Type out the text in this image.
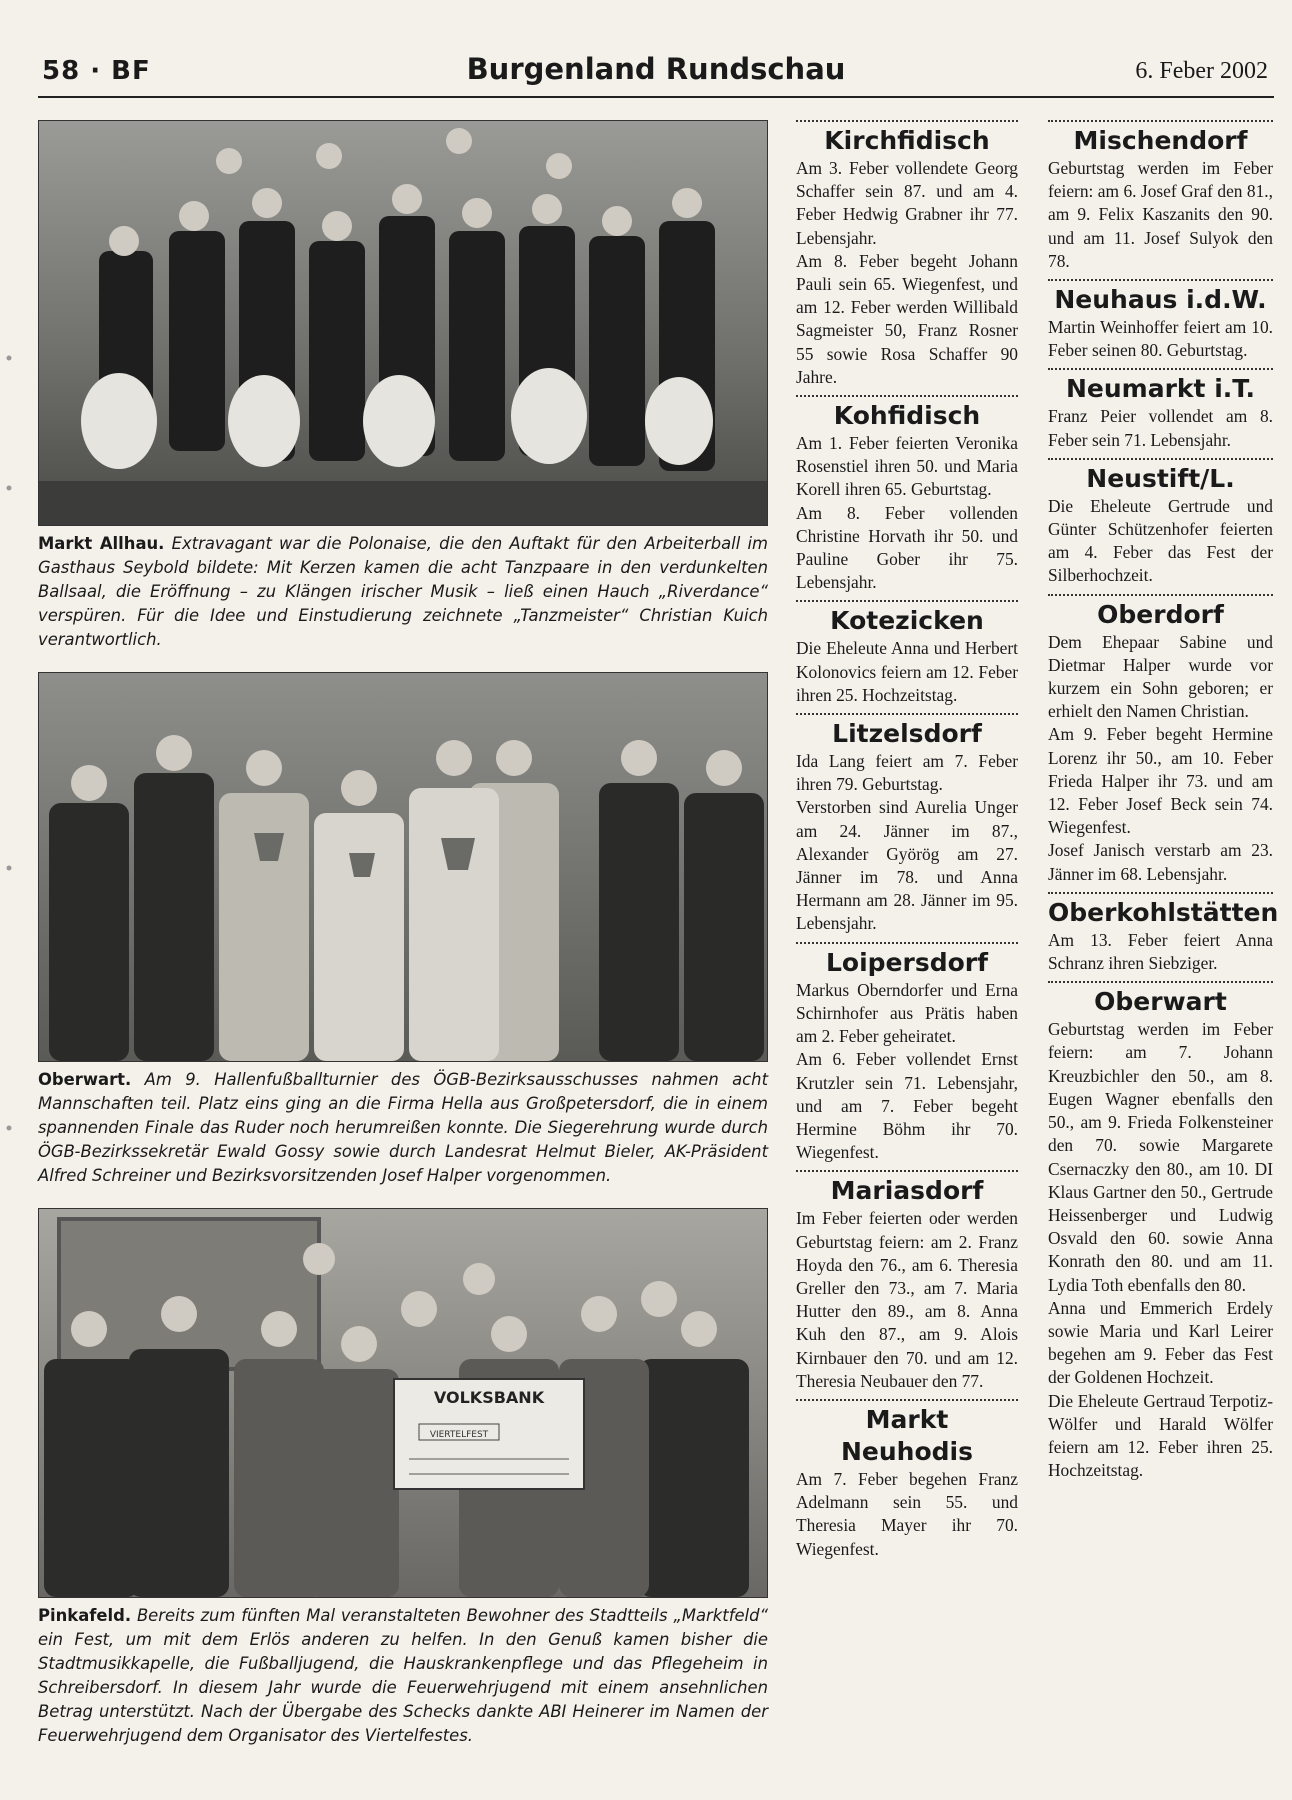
58 · BF	Burgenland Rundschau	6. Feber 2002
Markt Allhau. Extravagant war die Polonaise, die den Auftakt für den Arbeiterball im Gasthaus Seybold bildete: Mit Kerzen kamen die acht Tanzpaare in den verdunkelten Ballsaal, die Eröffnung – zu Klängen irischer Musik – ließ einen Hauch „Riverdance“ verspüren. Für die Idee und Einstudierung zeichnete „Tanzmeister“ Christian Kuich verantwortlich.
Oberwart. Am 9. Hallenfußballturnier des ÖGB-Bezirksausschusses nahmen acht Mannschaften teil. Platz eins ging an die Firma Hella aus Großpetersdorf, die in einem spannenden Finale das Ruder noch herumreißen konnte. Die Siegerehrung wurde durch ÖGB-Bezirkssekretär Ewald Gossy sowie durch Landesrat Helmut Bieler, AK-Präsident Alfred Schreiner und Bezirksvorsitzenden Josef Halper vorgenommen.
VOLKSBANK
VIERTELFEST
Pinkafeld. Bereits zum fünften Mal veranstalteten Bewohner des Stadtteils „Marktfeld“ ein Fest, um mit dem Erlös anderen zu helfen. In den Genuß kamen bisher die Stadtmusikkapelle, die Fußballjugend, die Hauskrankenpflege und das Pflegeheim in Schreibersdorf. In diesem Jahr wurde die Feuerwehrjugend mit einem ansehnlichen Betrag unterstützt. Nach der Übergabe des Schecks dankte ABI Heinerer im Namen der Feuerwehrjugend dem Organisator des Viertelfestes.
Kirchfidisch

Am 3. Feber vollendete Georg Schaffer sein 87. und am 4. Feber Hedwig Grabner ihr 77. Lebensjahr.

Am 8. Feber begeht Johann Pauli sein 65. Wiegenfest, und am 12. Feber werden Willibald Sagmeister 50, Franz Rosner 55 sowie Rosa Schaffer 90 Jahre.

Kohfidisch

Am 1. Feber feierten Veronika Rosenstiel ihren 50. und Maria Korell ihren 65. Geburtstag.

Am 8. Feber vollenden Christine Horvath ihr 50. und Pauline Gober ihr 75. Lebensjahr.

Kotezicken

Die Eheleute Anna und Herbert Kolonovics feiern am 12. Feber ihren 25. Hochzeitstag.

Litzelsdorf

Ida Lang feiert am 7. Feber ihren 79. Geburtstag.

Verstorben sind Aurelia Unger am 24. Jänner im 87., Alexander Györög am 27. Jänner im 78. und Anna Hermann am 28. Jänner im 95. Lebensjahr.

Loipersdorf

Markus Oberndorfer und Erna Schirnhofer aus Prätis haben am 2. Feber geheiratet.

Am 6. Feber vollendet Ernst Krutzler sein 71. Lebensjahr, und am 7. Feber begeht Hermine Böhm ihr 70. Wiegenfest.

Mariasdorf

Im Feber feierten oder werden Geburtstag feiern: am 2. Franz Hoyda den 76., am 6. Theresia Greller den 73., am 7. Maria Hutter den 89., am 8. Anna Kuh den 87., am 9. Alois Kirnbauer den 70. und am 12. Theresia Neubauer den 77.

Markt Neuhodis

Am 7. Feber begehen Franz Adelmann sein 55. und Theresia Mayer ihr 70. Wiegenfest.

Mischendorf

Geburtstag werden im Feber feiern: am 6. Josef Graf den 81., am 9. Felix Kaszanits den 90. und am 11. Josef Sulyok den 78.

Neuhaus i.d.W.

Martin Weinhoffer feiert am 10. Feber seinen 80. Geburtstag.

Neumarkt i.T.

Franz Peier vollendet am 8. Feber sein 71. Lebensjahr.

Neustift/L.

Die Eheleute Gertrude und Günter Schützenhofer feierten am 4. Feber das Fest der Silberhochzeit.

Oberdorf

Dem Ehepaar Sabine und Dietmar Halper wurde vor kurzem ein Sohn geboren; er erhielt den Namen Christian.

Am 9. Feber begeht Hermine Lorenz ihr 50., am 10. Feber Frieda Halper ihr 73. und am 12. Feber Josef Beck sein 74. Wiegenfest.

Josef Janisch verstarb am 23. Jänner im 68. Lebensjahr.

Oberkohlstätten

Am 13. Feber feiert Anna Schranz ihren Siebziger.

Oberwart

Geburtstag werden im Feber feiern: am 7. Johann Kreuzbichler den 50., am 8. Eugen Wagner ebenfalls den 50., am 9. Frieda Folkensteiner den 70. sowie Margarete Csernaczky den 80., am 10. DI Klaus Gartner den 50., Gertrude Heissenberger und Ludwig Osvald den 60. sowie Anna Konrath den 80. und am 11. Lydia Toth ebenfalls den 80.

Anna und Emmerich Erdely sowie Maria und Karl Leirer begehen am 9. Feber das Fest der Goldenen Hochzeit.

Die Eheleute Gertraud Terpotiz-Wölfer und Harald Wölfer feiern am 12. Feber ihren 25. Hochzeitstag.
